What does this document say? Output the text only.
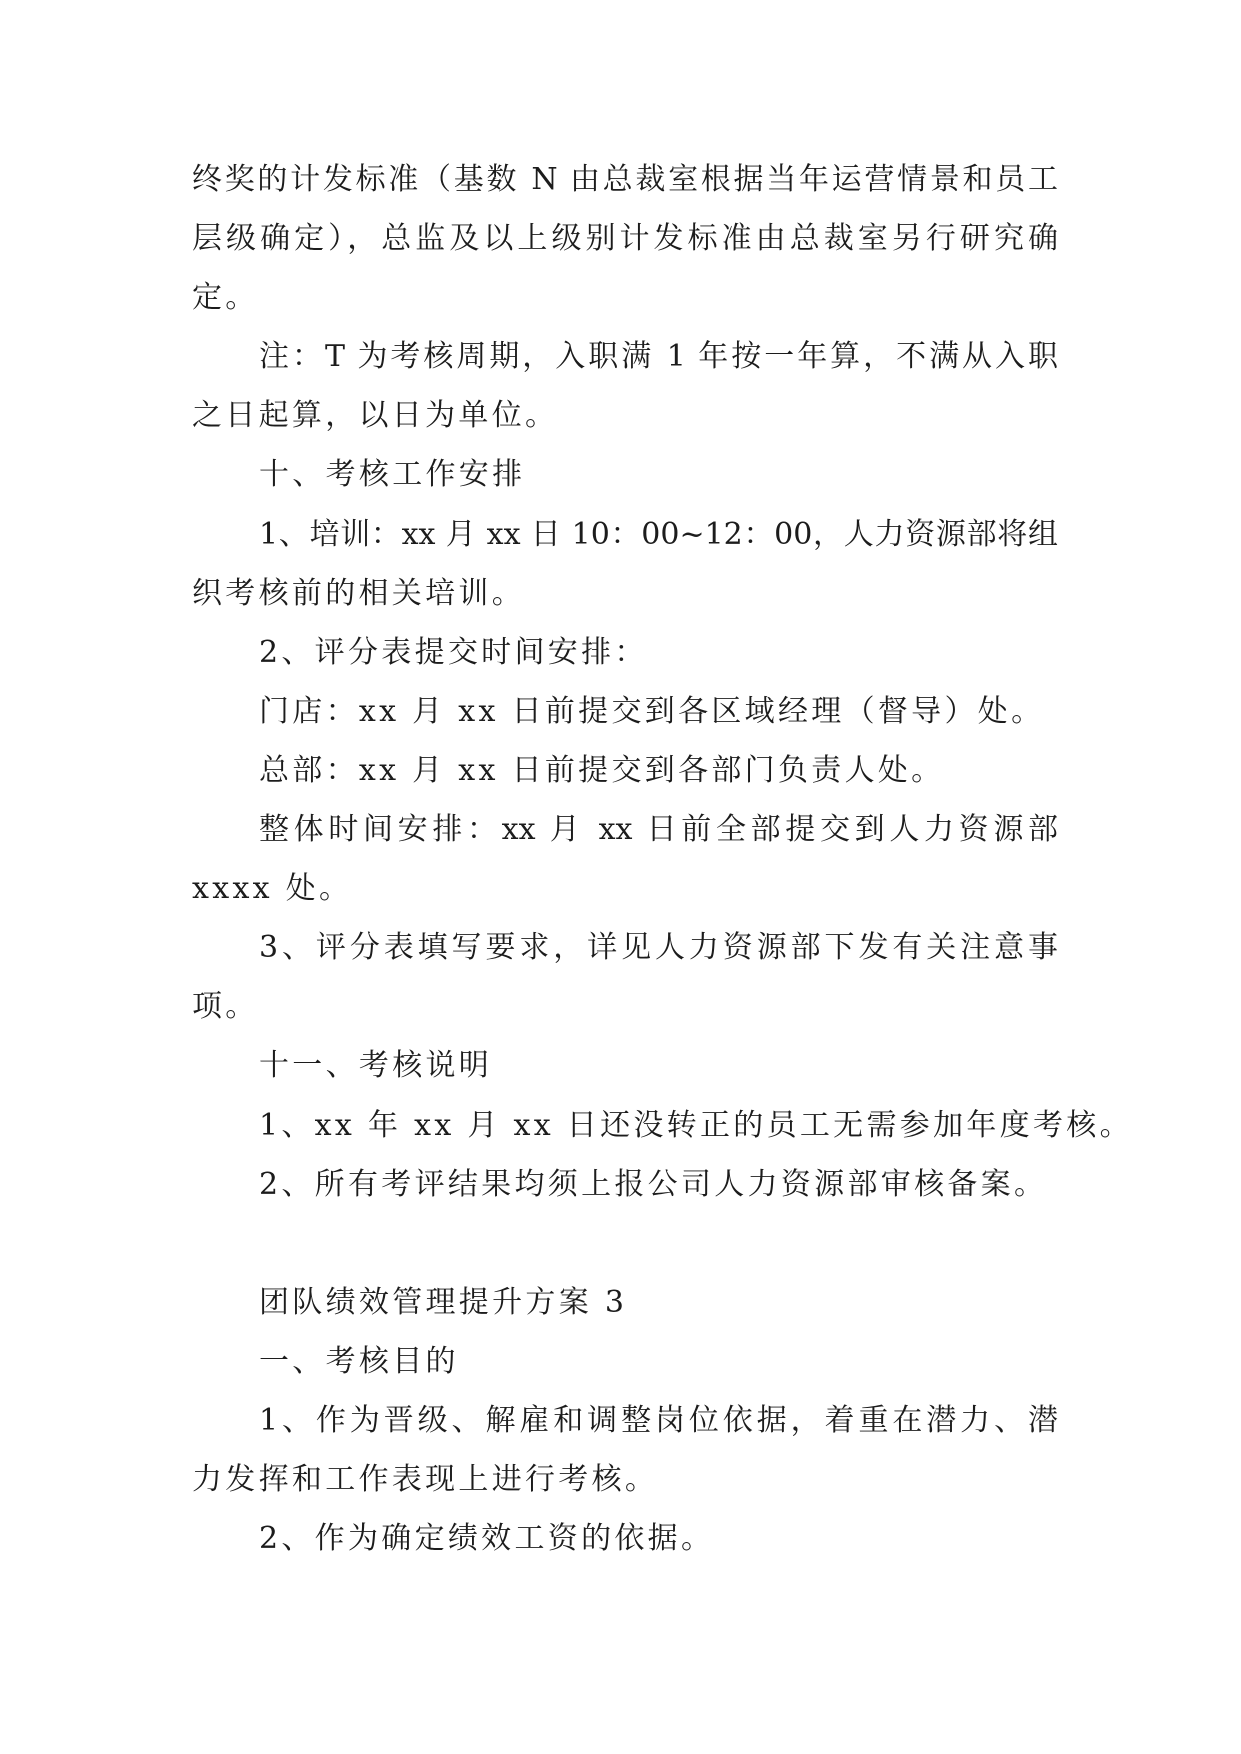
终奖的计发标准（基数 N 由总裁室根据当年运营情景和员工
层级确定），总监及以上级别计发标准由总裁室另行研究确
定。
注：T 为考核周期，入职满 1 年按一年算，不满从入职
之日起算，以日为单位。
十、考核工作安排
1、培训：xx 月 xx 日 10：00~12：00，人力资源部将组
织考核前的相关培训。
2、评分表提交时间安排：
门店：xx 月 xx 日前提交到各区域经理（督导）处。
总部：xx 月 xx 日前提交到各部门负责人处。
整体时间安排：xx 月 xx 日前全部提交到人力资源部
xxxx 处。
3、评分表填写要求，详见人力资源部下发有关注意事
项。
十一、考核说明
1、xx 年 xx 月 xx 日还没转正的员工无需参加年度考核。
2、所有考评结果均须上报公司人力资源部审核备案。
团队绩效管理提升方案 3
一、考核目的
1、作为晋级、解雇和调整岗位依据，着重在潜力、潜
力发挥和工作表现上进行考核。
2、作为确定绩效工资的依据。
